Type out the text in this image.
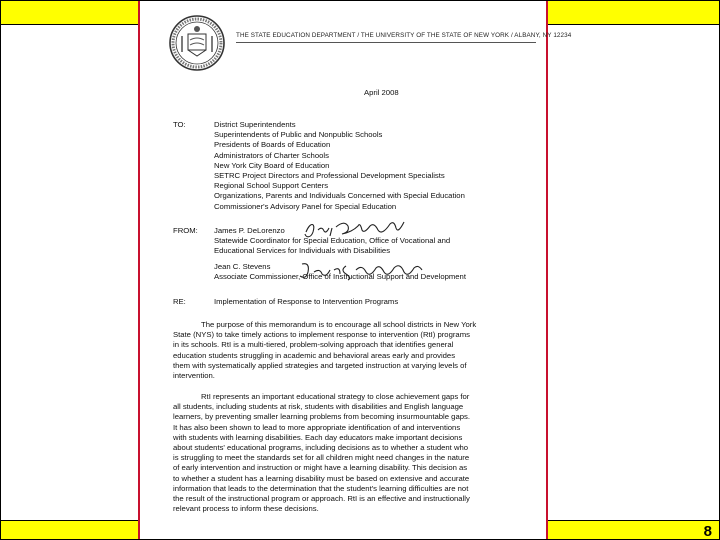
8
THE STATE EDUCATION DEPARTMENT / THE UNIVERSITY OF THE STATE OF NEW YORK / ALBANY, NY 12234
April 2008
TO:	District Superintendents
Superintendents of Public and Nonpublic Schools
Presidents of Boards of Education
Administrators of Charter Schools
New York City Board of Education
SETRC Project Directors and Professional Development Specialists
Regional School Support Centers
Organizations, Parents and Individuals Concerned with Special Education
Commissioner's Advisory Panel for Special Education
FROM: James P. DeLorenzo
Statewide Coordinator for Special Education, Office of Vocational and
Educational Services for Individuals with Disabilities
Jean C. Stevens
Associate Commissioner, Office of Instructional Support and Development
RE:	Implementation of Response to Intervention Programs
The purpose of this memorandum is to encourage all school districts in New York
State (NYS) to take timely actions to implement response to intervention (RtI) programs
in its schools. RtI is a multi-tiered, problem-solving approach that identifies general
education students struggling in academic and behavioral areas early and provides
them with systematically applied strategies and targeted instruction at varying levels of
intervention.
RtI represents an important educational strategy to close achievement gaps for
all students, including students at risk, students with disabilities and English language
learners, by preventing smaller learning problems from becoming insurmountable gaps.
It has also been shown to lead to more appropriate identification of and interventions
with students with learning disabilities. Each day educators make important decisions
about students' educational programs, including decisions as to whether a student who
is struggling to meet the standards set for all children might need changes in the nature
of early intervention and instruction or might have a learning disability. This decision as
to whether a student has a learning disability must be based on extensive and accurate
information that leads to the determination that the student's learning difficulties are not
the result of the instructional program or approach. RtI is an effective and instructionally
relevant process to inform these decisions.
